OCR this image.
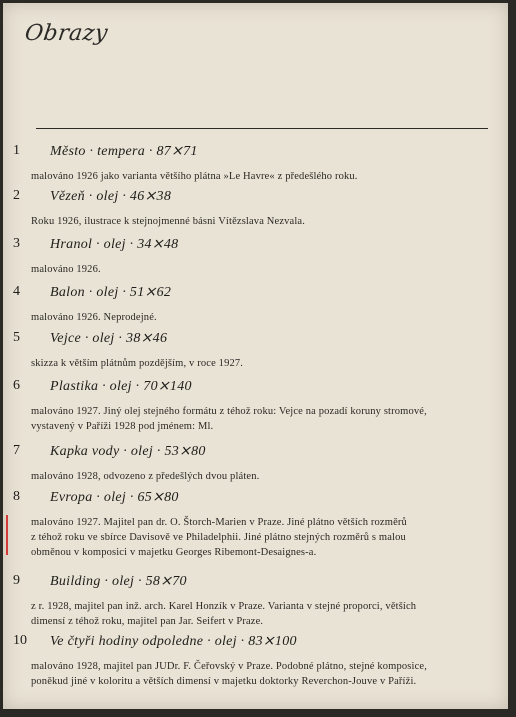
Obrazy
1 Město · tempera · 87⨯71
malováno 1926 jako varianta většího plátna »Le Havre« z předešlého roku.
2 Vězeň · olej · 46⨯38
Roku 1926, ilustrace k stejnojmenné básni Vítězslava Nezvala.
3 Hranol · olej · 34⨯48
malováno 1926.
4 Balon · olej · 51⨯62
malováno 1926. Neprodejné.
5 Vejce · olej · 38⨯46
skizza k větším plátnům pozdějším, v roce 1927.
6 Plastika · olej · 70⨯140
malováno 1927. Jiný olej stejného formátu z téhož roku: Vejce na pozadí koruny stromové,
vystavený v Paříži 1928 pod jménem: Ml.
7 Kapka vody · olej · 53⨯80
malováno 1928, odvozeno z předešlých dvou pláten.
8 Evropa · olej · 65⨯80
malováno 1927. Majitel pan dr. O. Štorch-Marien v Praze. Jiné plátno větších rozměrů
z téhož roku ve sbírce Davisově ve Philadelphii. Jiné plátno stejných rozměrů s malou
obměnou v komposici v majetku Georges Ribemont-Desaignes-a.
9 Building · olej · 58⨯70
z r. 1928, majitel pan inž. arch. Karel Honzík v Praze. Varianta v stejné proporci, větších
dimensí z téhož roku, majitel pan Jar. Seifert v Praze.
10 Ve čtyři hodiny odpoledne · olej · 83⨯100
malováno 1928, majitel pan JUDr. F. Čeřovský v Praze. Podobné plátno, stejné komposice,
poněkud jiné v koloritu a větších dimensí v majetku doktorky Reverchon-Jouve v Paříži.
